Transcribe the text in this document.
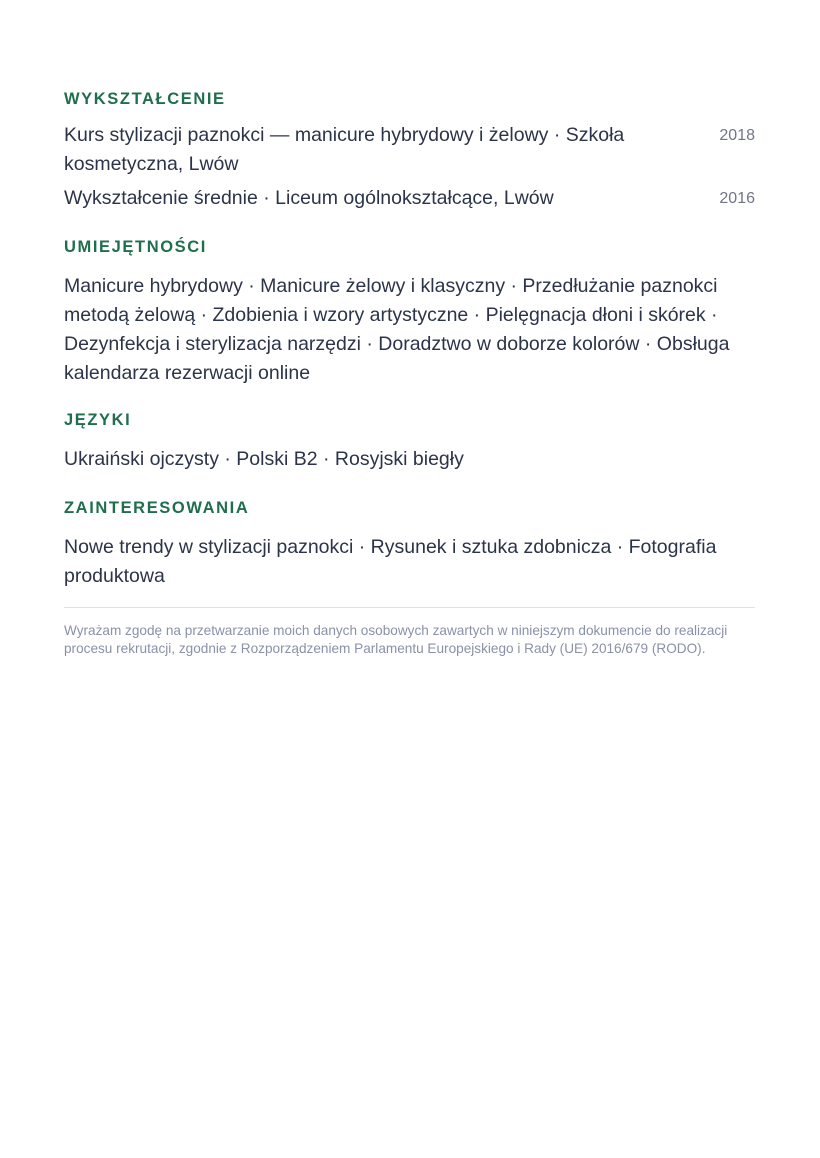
WYKSZTAŁCENIE
Kurs stylizacji paznokci — manicure hybrydowy i żelowy · Szkoła kosmetyczna, Lwów
2018
Wykształcenie średnie · Liceum ogólnokształcące, Lwów	2016
UMIEJĘTNOŚCI

Manicure hybrydowy · Manicure żelowy i klasyczny · Przedłużanie paznokci metodą żelową · Zdobienia i wzory artystyczne · Pielęgnacja dłoni i skórek · Dezynfekcja i sterylizacja narzędzi · Doradztwo w doborze kolorów · Obsługa kalendarza rezerwacji online

JĘZYKI

Ukraiński ojczysty · Polski B2 · Rosyjski biegły

ZAINTERESOWANIA

Nowe trendy w stylizacji paznokci · Rysunek i sztuka zdobnicza · Fotografia produktowa

Wyrażam zgodę na przetwarzanie moich danych osobowych zawartych w niniejszym dokumencie do realizacji procesu rekrutacji, zgodnie z Rozporządzeniem Parlamentu Europejskiego i Rady (UE) 2016/679 (RODO).
